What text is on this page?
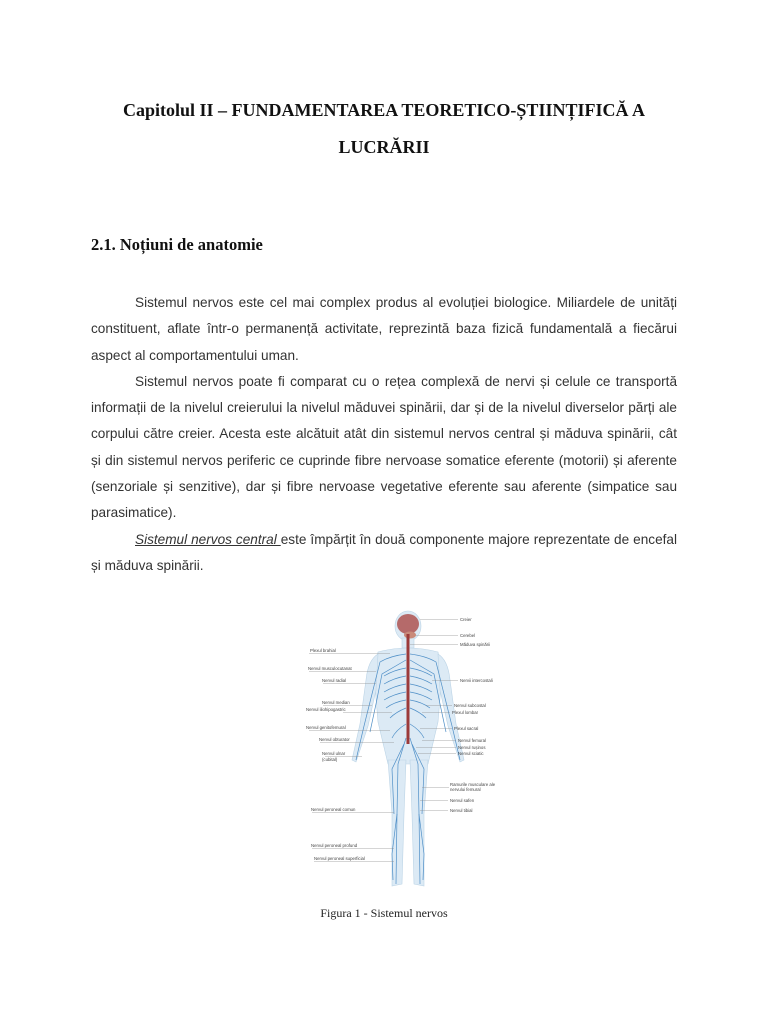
Capitolul II – FUNDAMENTAREA TEORETICO-ȘTIINȚIFICĂ A
LUCRĂRII
2.1. Noțiuni de anatomie

Sistemul nervos este cel mai complex produs al evoluției biologice. Miliardele de unități constituent, aflate într-o permanență activitate, reprezintă baza fizică fundamentală a fiecărui aspect al comportamentului uman.

Sistemul nervos poate fi comparat cu o rețea complexă de nervi și celule ce transportă informații de la nivelul creierului la nivelul măduvei spinării, dar și de la nivelul diverselor părți ale corpului către creier. Acesta este alcătuit atât din sistemul nervos central și măduva spinării, cât și din sistemul nervos periferic ce cuprinde fibre nervoase somatice eferente (motorii) și aferente (senzoriale și senzitive), dar și fibre nervoase vegetative eferente sau aferente (simpatice sau parasimatice).

Sistemul nervos central este împărțit în două componente majore reprezentate de encefal și măduva spinării.

Plexul brahial
Nervul musculocutanat
Nervul radial
Nervul median
Nervul iliohipogastric
Nervul genitofemural
Nervul obturator
Nervul ulnar
(cubital)
Nervul peroneal comun
Nervul peroneal profund
Nervul peroneal superficial
Creier
Cerebel
Măduva spinării
Nervii intercostali
Nervul subcostal
Plexul lombar
Plexul sacral
Nervul femural
Nervul rușinos
Nervul sciatic
Ramurile musculare ale
nervului femural
Nervul safen
Nervul tibial
Figura 1 - Sistemul nervos
